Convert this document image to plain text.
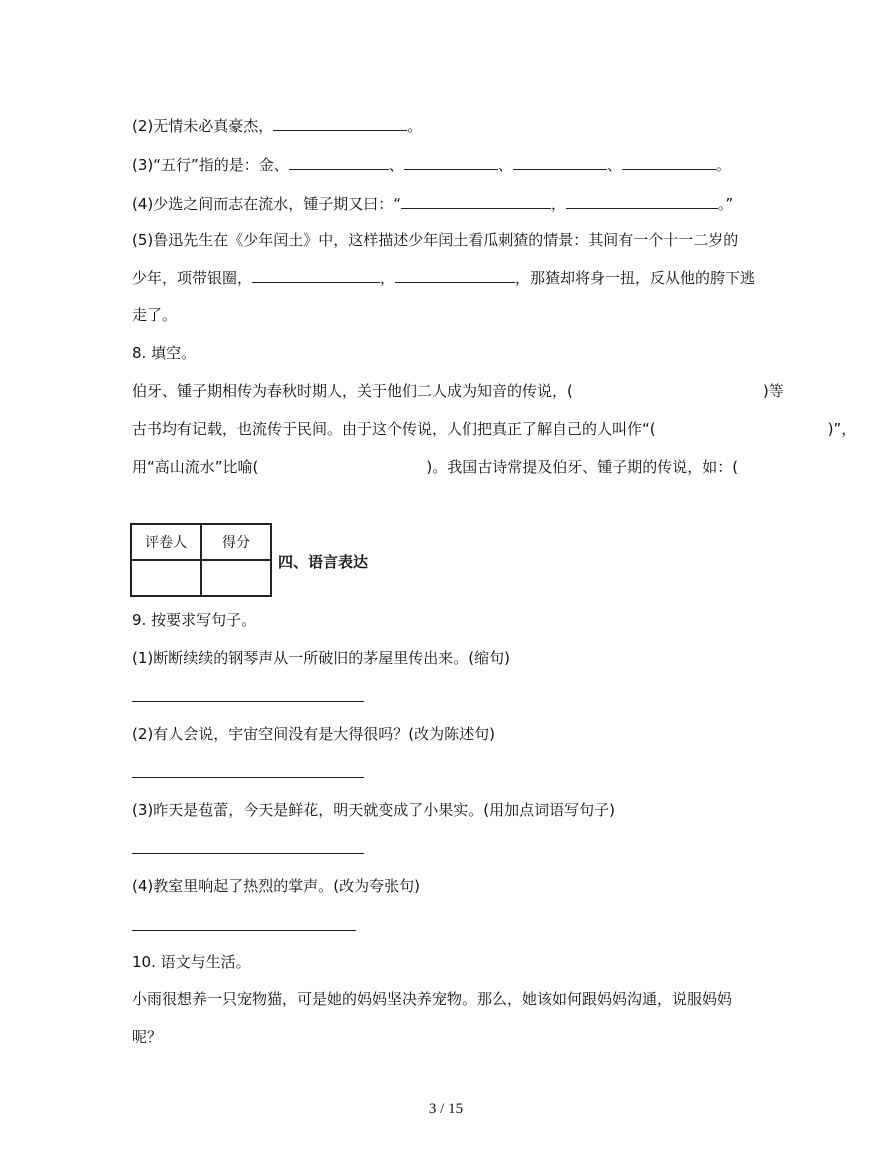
(2)无情未必真豪杰，	。
(3)“五行”指的是：金、	、	、	、	。
(4)少选之间而志在流水，锺子期又曰：“	，	。”
(5)鲁迅先生在《少年闰土》中，这样描述少年闰土看瓜刺猹的情景：其间有一个十一二岁的
少年，项带银圈，	，	，那猹却将身一扭，反从他的胯下逃
走了。
8. 填空。
伯牙、锺子期相传为春秋时期人，关于他们二人成为知音的传说，(	)等
古书均有记载，也流传于民间。由于这个传说，人们把真正了解自己的人叫作“(	)”，
用“高山流水”比喻(	)。我国古诗常提及伯牙、锺子期的传说，如：(
评卷人	得分

四、语言表达
9. 按要求写句子。
(1)断断续续的钢琴声从一所破旧的茅屋里传出来。(缩句)
(2)有人会说，宇宙空间没有是大得很吗？(改为陈述句)
(3)昨天是苞蕾，今天是鲜花，明天就变成了小果实。(用加点词语写句子)
(4)教室里响起了热烈的掌声。(改为夸张句)
10. 语文与生活。
小雨很想养一只宠物猫，可是她的妈妈坚决养宠物。那么，她该如何跟妈妈沟通，说服妈妈
呢？
3 / 15
